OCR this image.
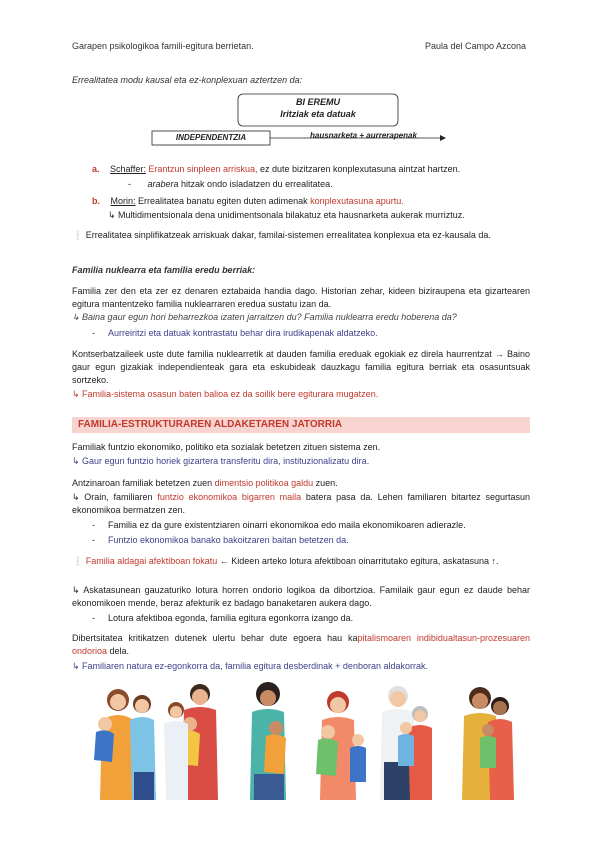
Garapen psikologikoa famili-egitura berrietan.	Paula del Campo Azcona
Errealitatea modu kausal eta ez-konplexuan aztertzen da:
BI EREMU
Iritziak eta datuak
INDEPENDENTZIA	hausnarketa + aurrerapenak
a. Schaffer: Erantzun sinpleen arriskua, ez dute bizitzaren konplexutasuna aintzat hartzen.
- arabera hitzak ondo isladatzen du errealitatea.
b. Morin: Errealitatea banatu egiten duten adimenak konplexutasuna apurtu.
↳ Multidimentsionala dena unidimentsonala bilakatuz eta hausnarketa aukerak murriztuz.
❕ Errealitatea sinplifikatzeak arriskuak dakar, familai-sistemen errealitatea konplexua eta ez-kausala da.
Familia nuklearra eta familia eredu berriak:
Familia zer den eta zer ez denaren eztabaida handia dago. Historian zehar, kideen biziraupena eta gizartearen egitura mantentzeko familia nuklearraren eredua sustatu izan da.
↳ Baina gaur egun hori beharrezkoa izaten jarraitzen du? Familia nuklearra eredu hoberena da?
- Aurreiritzi eta datuak kontrastatu behar dira irudikapenak aldatzeko.
Kontserbatzaileek uste dute familia nuklearretik at dauden familia ereduak egokiak ez direla haurrentzat → Baino gaur egun gizakiak independienteak gara eta eskubideak dauzkagu familia egitura berriak eta osasuntsuak sortzeko.
↳ Familia-sistema osasun baten balioa ez da soilik bere egiturara mugatzen.
FAMILIA-ESTRUKTURAREN ALDAKETAREN JATORRIA
Familiak funtzio ekonomiko, politiko eta sozialak betetzen zituen sistema zen.
↳ Gaur egun funtzio horiek gizartera transferitu dira, instituzionalizatu dira.
Antzinaroan familiak betetzen zuen dimentsio politikoa galdu zuen.
↳ Orain, familiaren funtzio ekonomikoa bigarren maila batera pasa da. Lehen familiaren bitartez segurtasun ekonomikoa bermatzen zen.
- Familia ez da gure existentziaren oinarri ekonomikoa edo maila ekonomikoaren adierazle.
- Funtzio ekonomikoa banako bakoitzaren baitan betetzen da.
❕ Familia aldagai afektiboan fokatu ← Kideen arteko lotura afektiboan oinarritutako egitura, askatasuna ↑.
↳ Askatasunean gauzaturiko lotura horren ondorio logikoa da dibortzioa. Familaik gaur egun ez daude behar ekonomikoen mende, beraz afekturik ez badago banaketaren aukera dago.
- Lotura afektiboa egonda, familia egitura egonkorra izango da.
Dibertsitatea kritikatzen dutenek ulertu behar dute egoera hau kapitalismoaren indibidualtasun-prozesuaren ondorioa dela.
↳ Familiaren natura ez-egonkorra da, familia egitura desberdinak + denboran aldakorrak.
